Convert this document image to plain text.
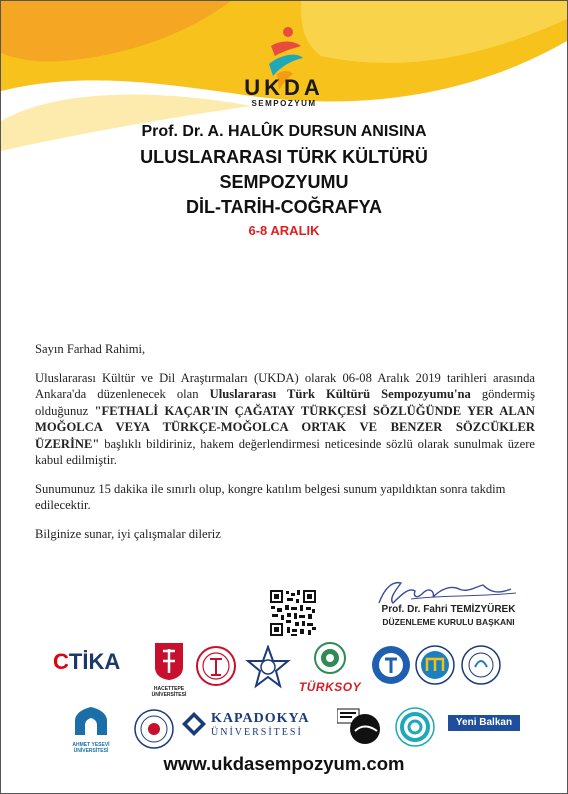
UKDA
SEMPOZYUM
Prof. Dr. A. HALÛK DURSUN ANISINA
ULUSLARARASI TÜRK KÜLTÜRÜ
SEMPOZYUMU
DİL-TARİH-COĞRAFYA
6-8 ARALIK

Sayın Farhad Rahimi,

Uluslararası Kültür ve Dil Araştırmaları (UKDA) olarak 06-08 Aralık 2019 tarihleri arasında Ankara'da düzenlenecek olan Uluslararası Türk Kültürü Sempozyumu'na göndermiş olduğunuz "FETHALİ KAÇAR'IN ÇAĞATAY TÜRKÇESİ SÖZLÜĞÜNDE YER ALAN MOĞOLCA VEYA TÜRKÇE-MOĞOLCA ORTAK VE BENZER SÖZCÜKLER ÜZERİNE" başlıklı bildiriniz, hakem değerlendirmesi neticesinde sözlü olarak sunulmak üzere kabul edilmiştir.

Sunumunuz 15 dakika ile sınırlı olup, kongre katılım belgesi sunum yapıldıktan sonra takdim edilecektir.

Bilginize sunar, iyi çalışmalar dileriz

Prof. Dr. Fahri TEMİZYÜREK
DÜZENLEME KURULU BAŞKANI
CTİKA
HACETTEPE ÜNİVERSİTESİ
TÜRKSOY
AHMET YESEVİ ÜNİVERSİTESİ
KAPADOKYA
ÜNİVERSİTESİ
Yeni Balkan
www.ukdasempozyum.com
